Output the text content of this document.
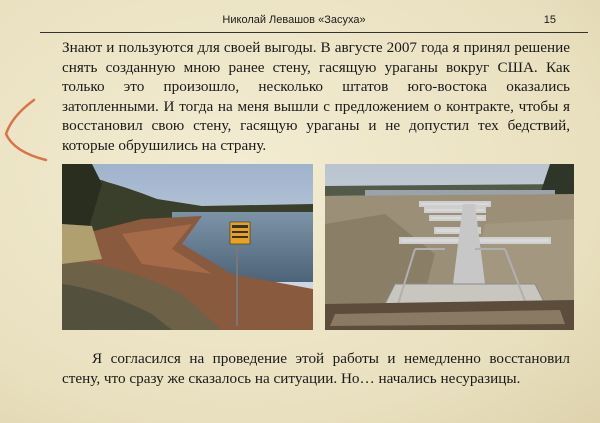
Николай Левашов «Засуха»	15

Знают и пользуются для своей выгоды. В августе 2007 года я принял решение снять созданную мною ранее стену, гасящую ураганы вокруг США. Как только это произошло, несколько штатов юго-востока оказались затопленными. И тогда на меня вышли с предложением о контракте, чтобы я восстановил свою стену, гасящую ураганы и не допустил тех бедствий, которые обрушились на страну.

Я согласился на проведение этой работы и немедленно восстановил стену, что сразу же сказалось на ситуации. Но… начались несуразицы.
